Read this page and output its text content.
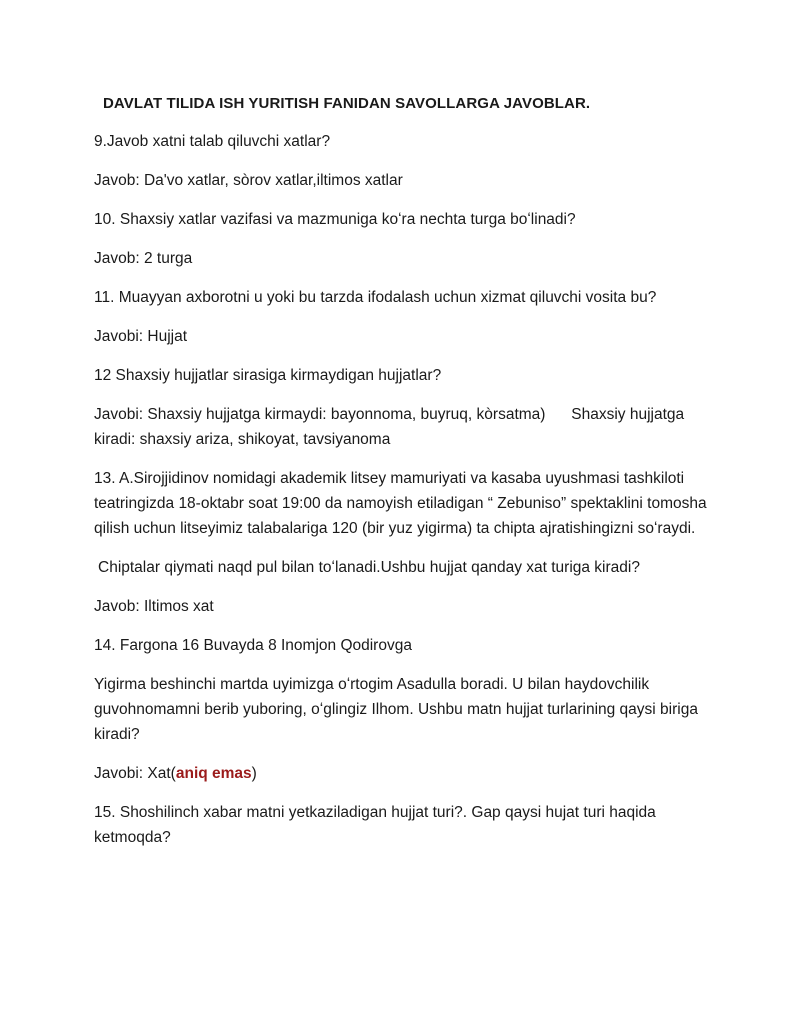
DAVLAT TILIDA ISH YURITISH FANIDAN SAVOLLARGA JAVOBLAR.
9.Javob xatni talab qiluvchi xatlar?
Javob: Da'vo xatlar, sòrov xatlar,iltimos xatlar
10. Shaxsiy xatlar vazifasi va mazmuniga koʻra nechta turga boʻlinadi?
Javob: 2 turga
11. Muayyan axborotni u yoki bu tarzda ifodalash uchun xizmat qiluvchi vosita bu?
Javobi: Hujjat
12 Shaxsiy hujjatlar sirasiga kirmaydigan hujjatlar?
Javobi: Shaxsiy hujjatga kirmaydi: bayonnoma, buyruq, kòrsatma)      Shaxsiy hujjatga kiradi: shaxsiy ariza, shikoyat, tavsiyanoma
13. A.Sirojjidinov nomidagi akademik litsey mamuriyati va kasaba uyushmasi tashkiloti teatringizda 18-oktabr soat 19:00 da namoyish etiladigan “ Zebuniso” spektaklini tomosha qilish uchun litseyimiz talabalariga 120 (bir yuz yigirma) ta chipta ajratishingizni soʻraydi.
Chiptalar qiymati naqd pul bilan toʻlanadi.Ushbu hujjat qanday xat turiga kiradi?
Javob: Iltimos xat
14. Fargona 16 Buvayda 8 Inomjon Qodirovga
Yigirma beshinchi martda uyimizga oʻrtogim Asadulla boradi. U bilan haydovchilik guvohnomamni berib yuboring, oʻglingiz Ilhom. Ushbu matn hujjat turlarining qaysi biriga kiradi?
Javobi: Xat(aniq emas)
15. Shoshilinch xabar matni yetkaziladigan hujjat turi?. Gap qaysi hujat turi haqida ketmoqda?
